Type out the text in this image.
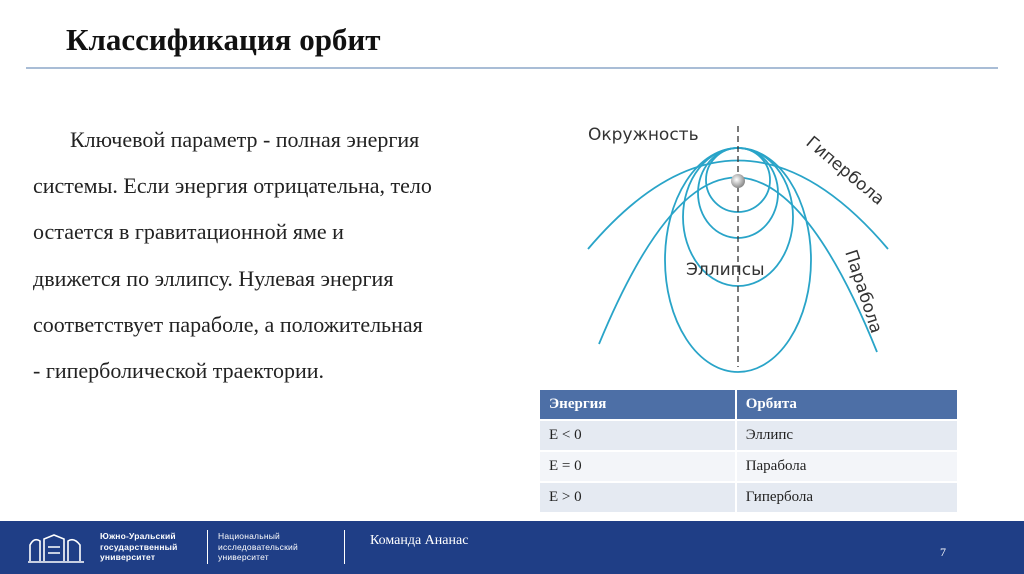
Классификация орбит
Ключевой параметр - полная энергия системы. Если энергия отрицательна, тело остается в гравитационной яме и движется по эллипсу. Нулевая энергия соответствует параболе, а положительная - гиперболической траектории.
Окружность	Гипербола
Эллипсы	Парабола
Энергия	Орбита
E < 0	Эллипс
E = 0	Парабола
E > 0	Гипербола
Южно-Уральский государственный университет
Национальный исследовательский университет
Команда Ананас
7
